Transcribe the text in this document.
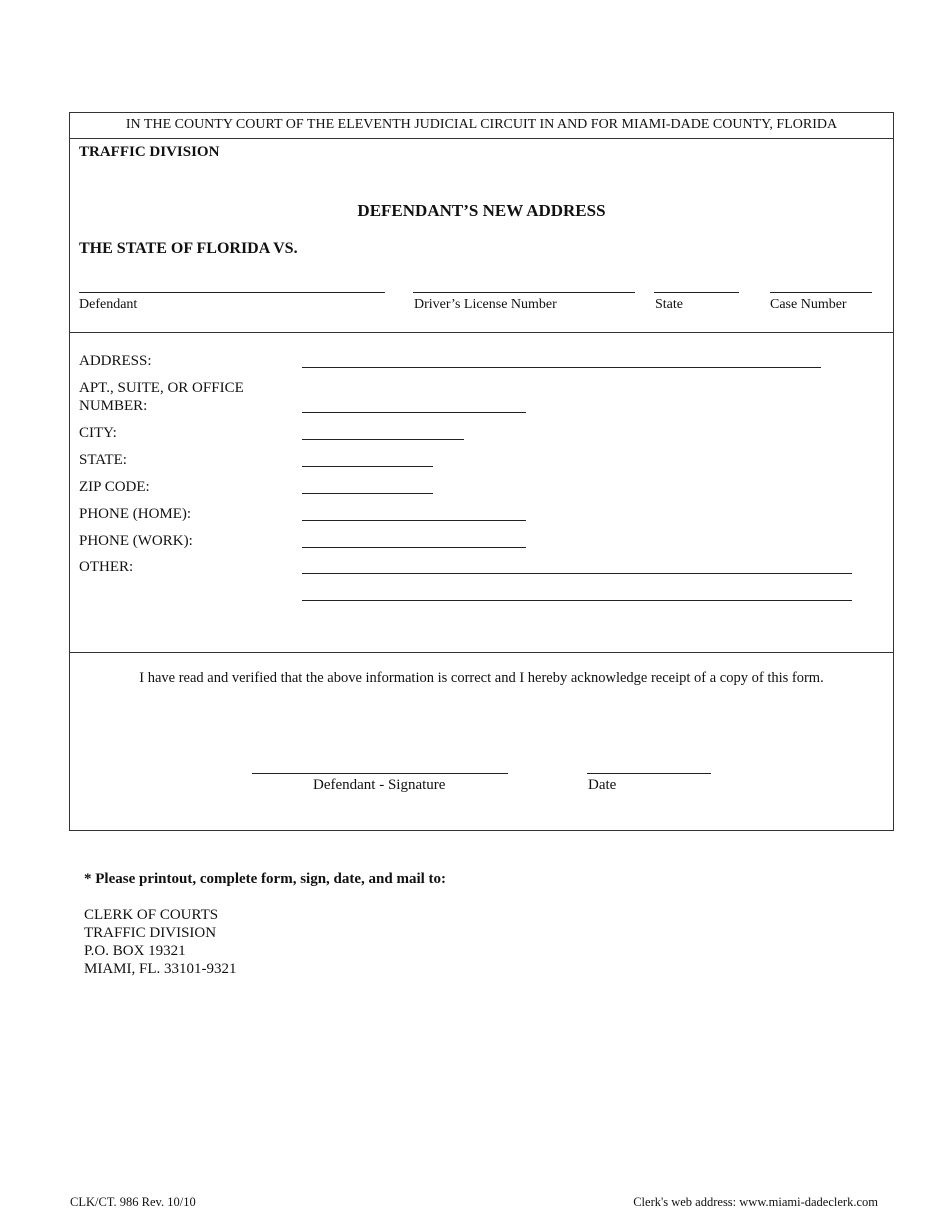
IN THE COUNTY COURT OF THE ELEVENTH JUDICIAL CIRCUIT IN AND FOR MIAMI-DADE COUNTY, FLORIDA
TRAFFIC DIVISION
DEFENDANT’S NEW ADDRESS
THE STATE OF FLORIDA VS.
Defendant	Driver’s License Number	State	Case Number
ADDRESS:
APT., SUITE, OR OFFICE
NUMBER:
CITY:
STATE:
ZIP CODE:
PHONE (HOME):
PHONE (WORK):
OTHER:
I have read and verified that the above information is correct and I hereby acknowledge receipt of a copy of this form.
Defendant - Signature	Date
* Please printout, complete form, sign, date, and mail to:
CLERK OF COURTS
TRAFFIC DIVISION
P.O. BOX 19321
MIAMI, FL. 33101-9321
CLK/CT. 986 Rev. 10/10	Clerk's web address: www.miami-dadeclerk.com
